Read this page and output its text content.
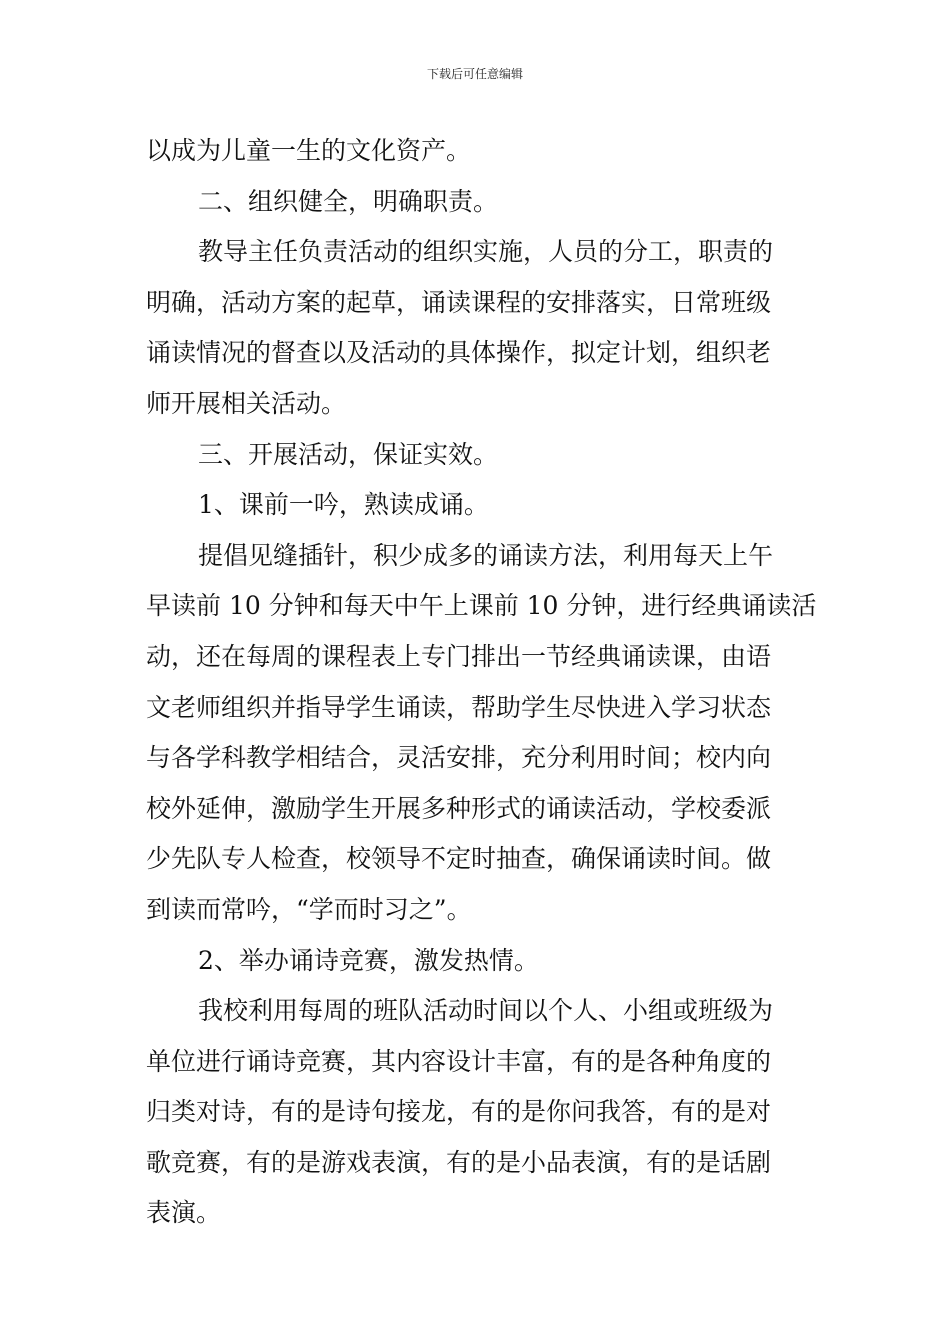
下载后可任意编辑
以成为儿童一生的文化资产。
二、组织健全，明确职责。
教导主任负责活动的组织实施，人员的分工，职责的
明确，活动方案的起草，诵读课程的安排落实，日常班级
诵读情况的督查以及活动的具体操作，拟定计划，组织老
师开展相关活动。
三、开展活动，保证实效。
1、课前一吟，熟读成诵。
提倡见缝插针，积少成多的诵读方法，利用每天上午
早读前 10 分钟和每天中午上课前 10 分钟，进行经典诵读活
动，还在每周的课程表上专门排出一节经典诵读课，由语
文老师组织并指导学生诵读，帮助学生尽快进入学习状态
与各学科教学相结合，灵活安排，充分利用时间；校内向
校外延伸，激励学生开展多种形式的诵读活动，学校委派
少先队专人检查，校领导不定时抽查，确保诵读时间。做
到读而常吟，“学而时习之”。
2、举办诵诗竞赛，激发热情。
我校利用每周的班队活动时间以个人、小组或班级为
单位进行诵诗竞赛，其内容设计丰富，有的是各种角度的
归类对诗，有的是诗句接龙，有的是你问我答，有的是对
歌竞赛，有的是游戏表演，有的是小品表演，有的是话剧
表演。
